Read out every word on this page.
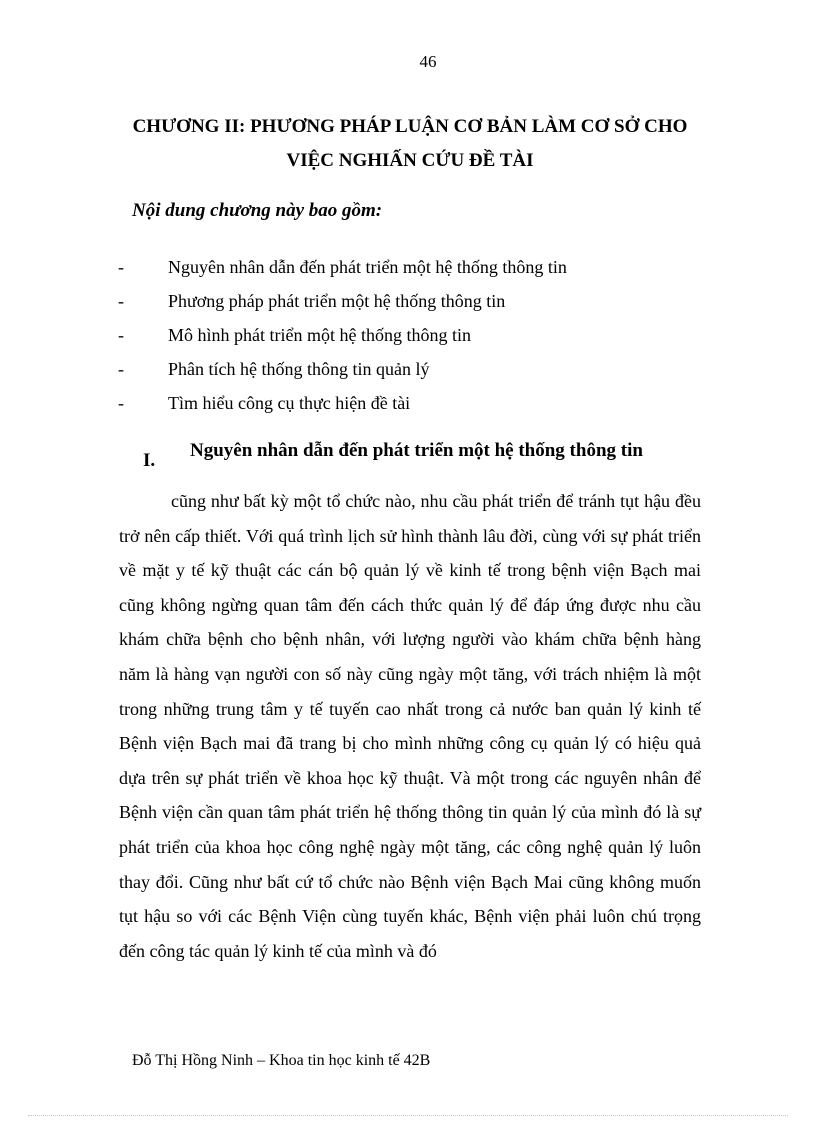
46
CHƯƠNG II: PHƯƠNG PHÁP LUẬN CƠ BẢN LÀM CƠ SỞ CHO
VIỆC NGHIẤN CỨU ĐỀ TÀI
Nội dung chương này bao gồm:
- Nguyên nhân dẫn đến phát triển một hệ thống thông tin
- Phương pháp phát triển một hệ thống thông tin
- Mô hình phát triển một hệ thống thông tin
- Phân tích hệ thống thông tin quản lý
- Tìm hiểu công cụ thực hiện đề tài
I. Nguyên nhân dẫn đến phát triển một hệ thống thông tin

cũng như bất kỳ một tổ chức nào, nhu cầu phát triển để tránh tụt hậu đều trở nên cấp thiết. Với quá trình lịch sử hình thành lâu đời, cùng với sự phát triển về mặt y tế kỹ thuật các cán bộ quản lý về kinh tế trong bệnh viện Bạch mai cũng không ngừng quan tâm đến cách thức quản lý để đáp ứng được nhu cầu khám chữa bệnh cho bệnh nhân, với lượng người vào khám chữa bệnh hàng năm là hàng vạn người con số này cũng ngày một tăng, với trách nhiệm là một trong những trung tâm y tế tuyến cao nhất trong cả nước ban quản lý kinh tế Bệnh viện Bạch mai đã trang bị cho mình những công cụ quản lý có hiệu quả dựa trên sự phát triển về khoa học kỹ thuật. Và một trong các nguyên nhân để Bệnh viện cần quan tâm phát triển hệ thống thông tin quản lý của mình đó là sự phát triển của khoa học công nghệ ngày một tăng, các công nghệ quản lý luôn thay đổi. Cũng như bất cứ tổ chức nào Bệnh viện Bạch Mai cũng không muốn tụt hậu so với các Bệnh Viện cùng tuyến khác, Bệnh viện phải luôn chú trọng đến công tác quản lý kinh tế của mình và đó

Đỗ Thị Hồng Ninh – Khoa tin học kinh tế 42B
